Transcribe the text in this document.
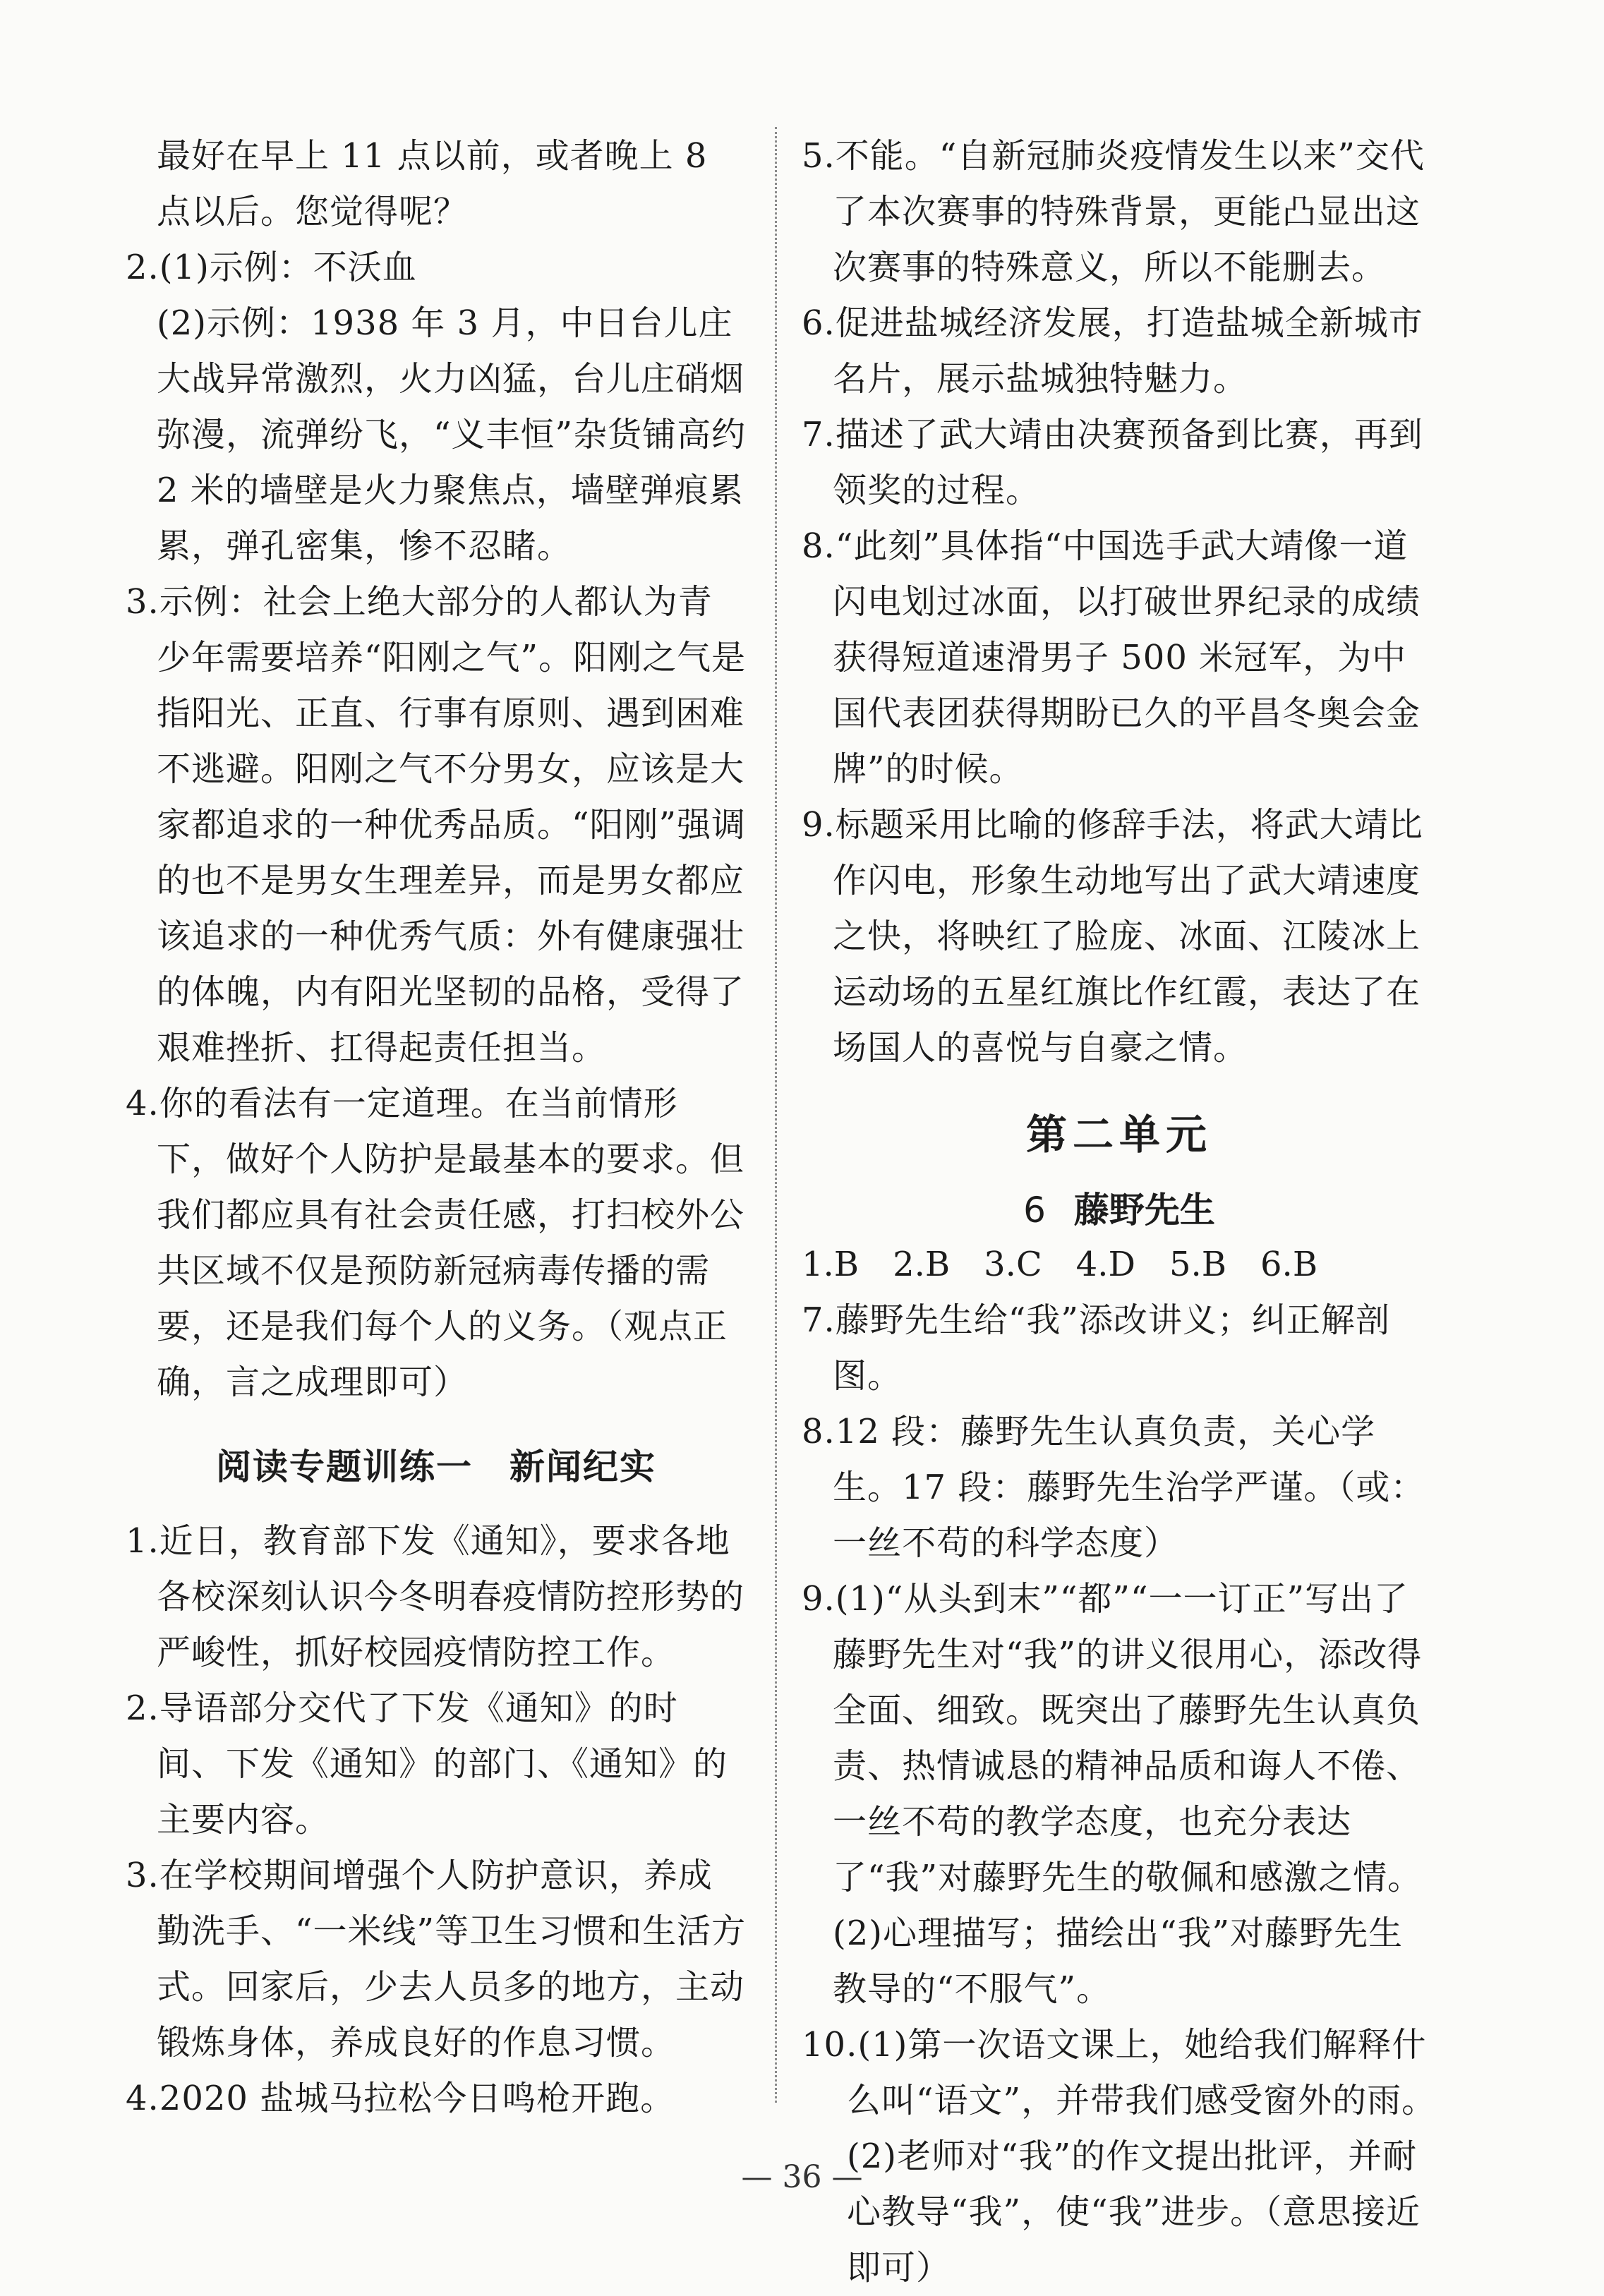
最好在早上 11 点以前，或者晚上 8 点以后。您觉得呢？

2.(1)示例：不沃血

(2)示例：1938 年 3 月，中日台儿庄大战异常激烈，火力凶猛，台儿庄硝烟弥漫，流弹纷飞，“义丰恒”杂货铺高约 2 米的墙壁是火力聚焦点，墙壁弹痕累累，弹孔密集，惨不忍睹。

3.示例：社会上绝大部分的人都认为青少年需要培养“阳刚之气”。阳刚之气是指阳光、正直、行事有原则、遇到困难不逃避。阳刚之气不分男女，应该是大家都追求的一种优秀品质。“阳刚”强调的也不是男女生理差异，而是男女都应该追求的一种优秀气质：外有健康强壮的体魄，内有阳光坚韧的品格，受得了艰难挫折、扛得起责任担当。

4.你的看法有一定道理。在当前情形下，做好个人防护是最基本的要求。但我们都应具有社会责任感，打扫校外公共区域不仅是预防新冠病毒传播的需要，还是我们每个人的义务。（观点正确，言之成理即可）

阅读专题训练一　新闻纪实

1.近日，教育部下发《通知》，要求各地各校深刻认识今冬明春疫情防控形势的严峻性，抓好校园疫情防控工作。

2.导语部分交代了下发《通知》的时间、下发《通知》的部门、《通知》的主要内容。

3.在学校期间增强个人防护意识，养成勤洗手、“一米线”等卫生习惯和生活方式。回家后，少去人员多的地方，主动锻炼身体，养成良好的作息习惯。

4.2020 盐城马拉松今日鸣枪开跑。

5.不能。“自新冠肺炎疫情发生以来”交代了本次赛事的特殊背景，更能凸显出这次赛事的特殊意义，所以不能删去。

6.促进盐城经济发展，打造盐城全新城市名片，展示盐城独特魅力。

7.描述了武大靖由决赛预备到比赛，再到领奖的过程。

8.“此刻”具体指“中国选手武大靖像一道闪电划过冰面，以打破世界纪录的成绩获得短道速滑男子 500 米冠军，为中国代表团获得期盼已久的平昌冬奥会金牌”的时候。

9.标题采用比喻的修辞手法，将武大靖比作闪电，形象生动地写出了武大靖速度之快，将映红了脸庞、冰面、江陵冰上运动场的五星红旗比作红霞，表达了在场国人的喜悦与自豪之情。

第二单元
6 藤野先生

1.B　2.B　3.C　4.D　5.B　6.B

7.藤野先生给“我”添改讲义；纠正解剖图。

8.12 段：藤野先生认真负责，关心学生。17 段：藤野先生治学严谨。（或：一丝不苟的科学态度）

9.(1)“从头到末”“都”“一一订正”写出了藤野先生对“我”的讲义很用心，添改得全面、细致。既突出了藤野先生认真负责、热情诚恳的精神品质和诲人不倦、一丝不苟的教学态度，也充分表达了“我”对藤野先生的敬佩和感激之情。

(2)心理描写；描绘出“我”对藤野先生教导的“不服气”。

10.(1)第一次语文课上，她给我们解释什么叫“语文”，并带我们感受窗外的雨。

(2)老师对“我”的作文提出批评，并耐心教导“我”，使“我”进步。（意思接近即可）

— 36 —
